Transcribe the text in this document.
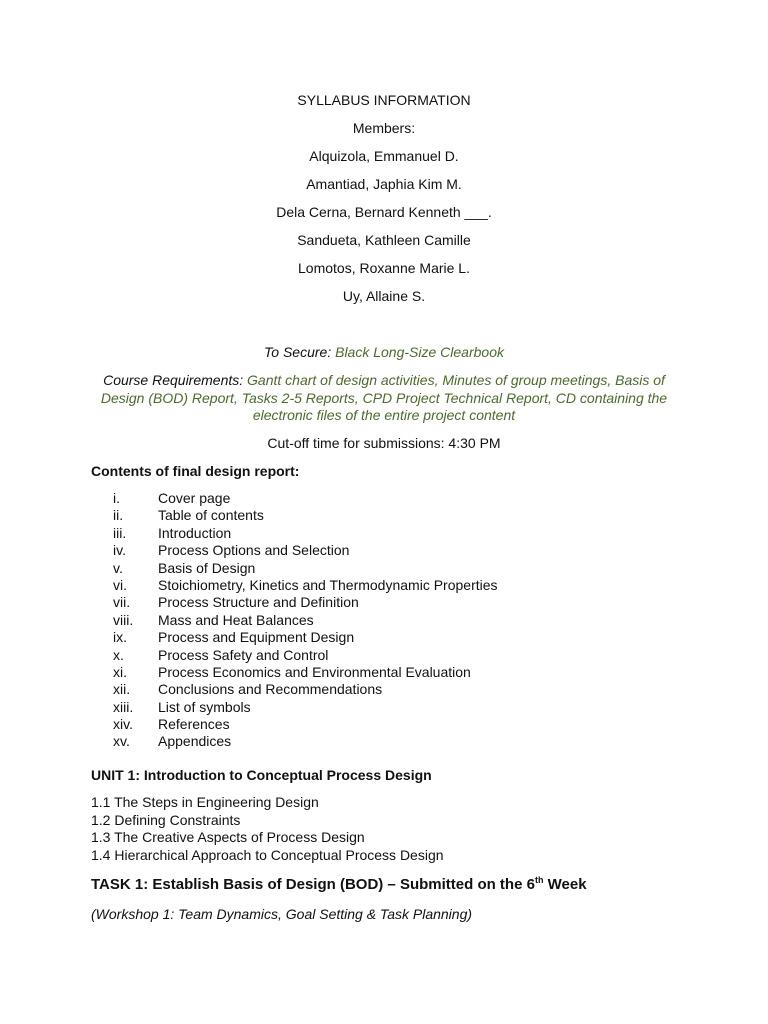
SYLLABUS INFORMATION
Members:
Alquizola, Emmanuel D.
Amantiad, Japhia Kim M.
Dela Cerna, Bernard Kenneth ___.
Sandueta, Kathleen Camille
Lomotos, Roxanne Marie L.
Uy, Allaine S.
To Secure: Black Long-Size Clearbook
Course Requirements: Gantt chart of design activities, Minutes of group meetings, Basis of Design (BOD) Report, Tasks 2-5 Reports, CPD Project Technical Report, CD containing the electronic files of the entire project content
Cut-off time for submissions: 4:30 PM
Contents of final design report:
i.	Cover page
ii.	Table of contents
iii.	Introduction
iv.	Process Options and Selection
v.	Basis of Design
vi.	Stoichiometry, Kinetics and Thermodynamic Properties
vii.	Process Structure and Definition
viii.	Mass and Heat Balances
ix.	Process and Equipment Design
x.	Process Safety and Control
xi.	Process Economics and Environmental Evaluation
xii.	Conclusions and Recommendations
xiii.	List of symbols
xiv.	References
xv.	Appendices
UNIT 1: Introduction to Conceptual Process Design
1.1 The Steps in Engineering Design
1.2 Defining Constraints
1.3 The Creative Aspects of Process Design
1.4 Hierarchical Approach to Conceptual Process Design
TASK 1: Establish Basis of Design (BOD) – Submitted on the 6th Week
(Workshop 1: Team Dynamics, Goal Setting & Task Planning)
